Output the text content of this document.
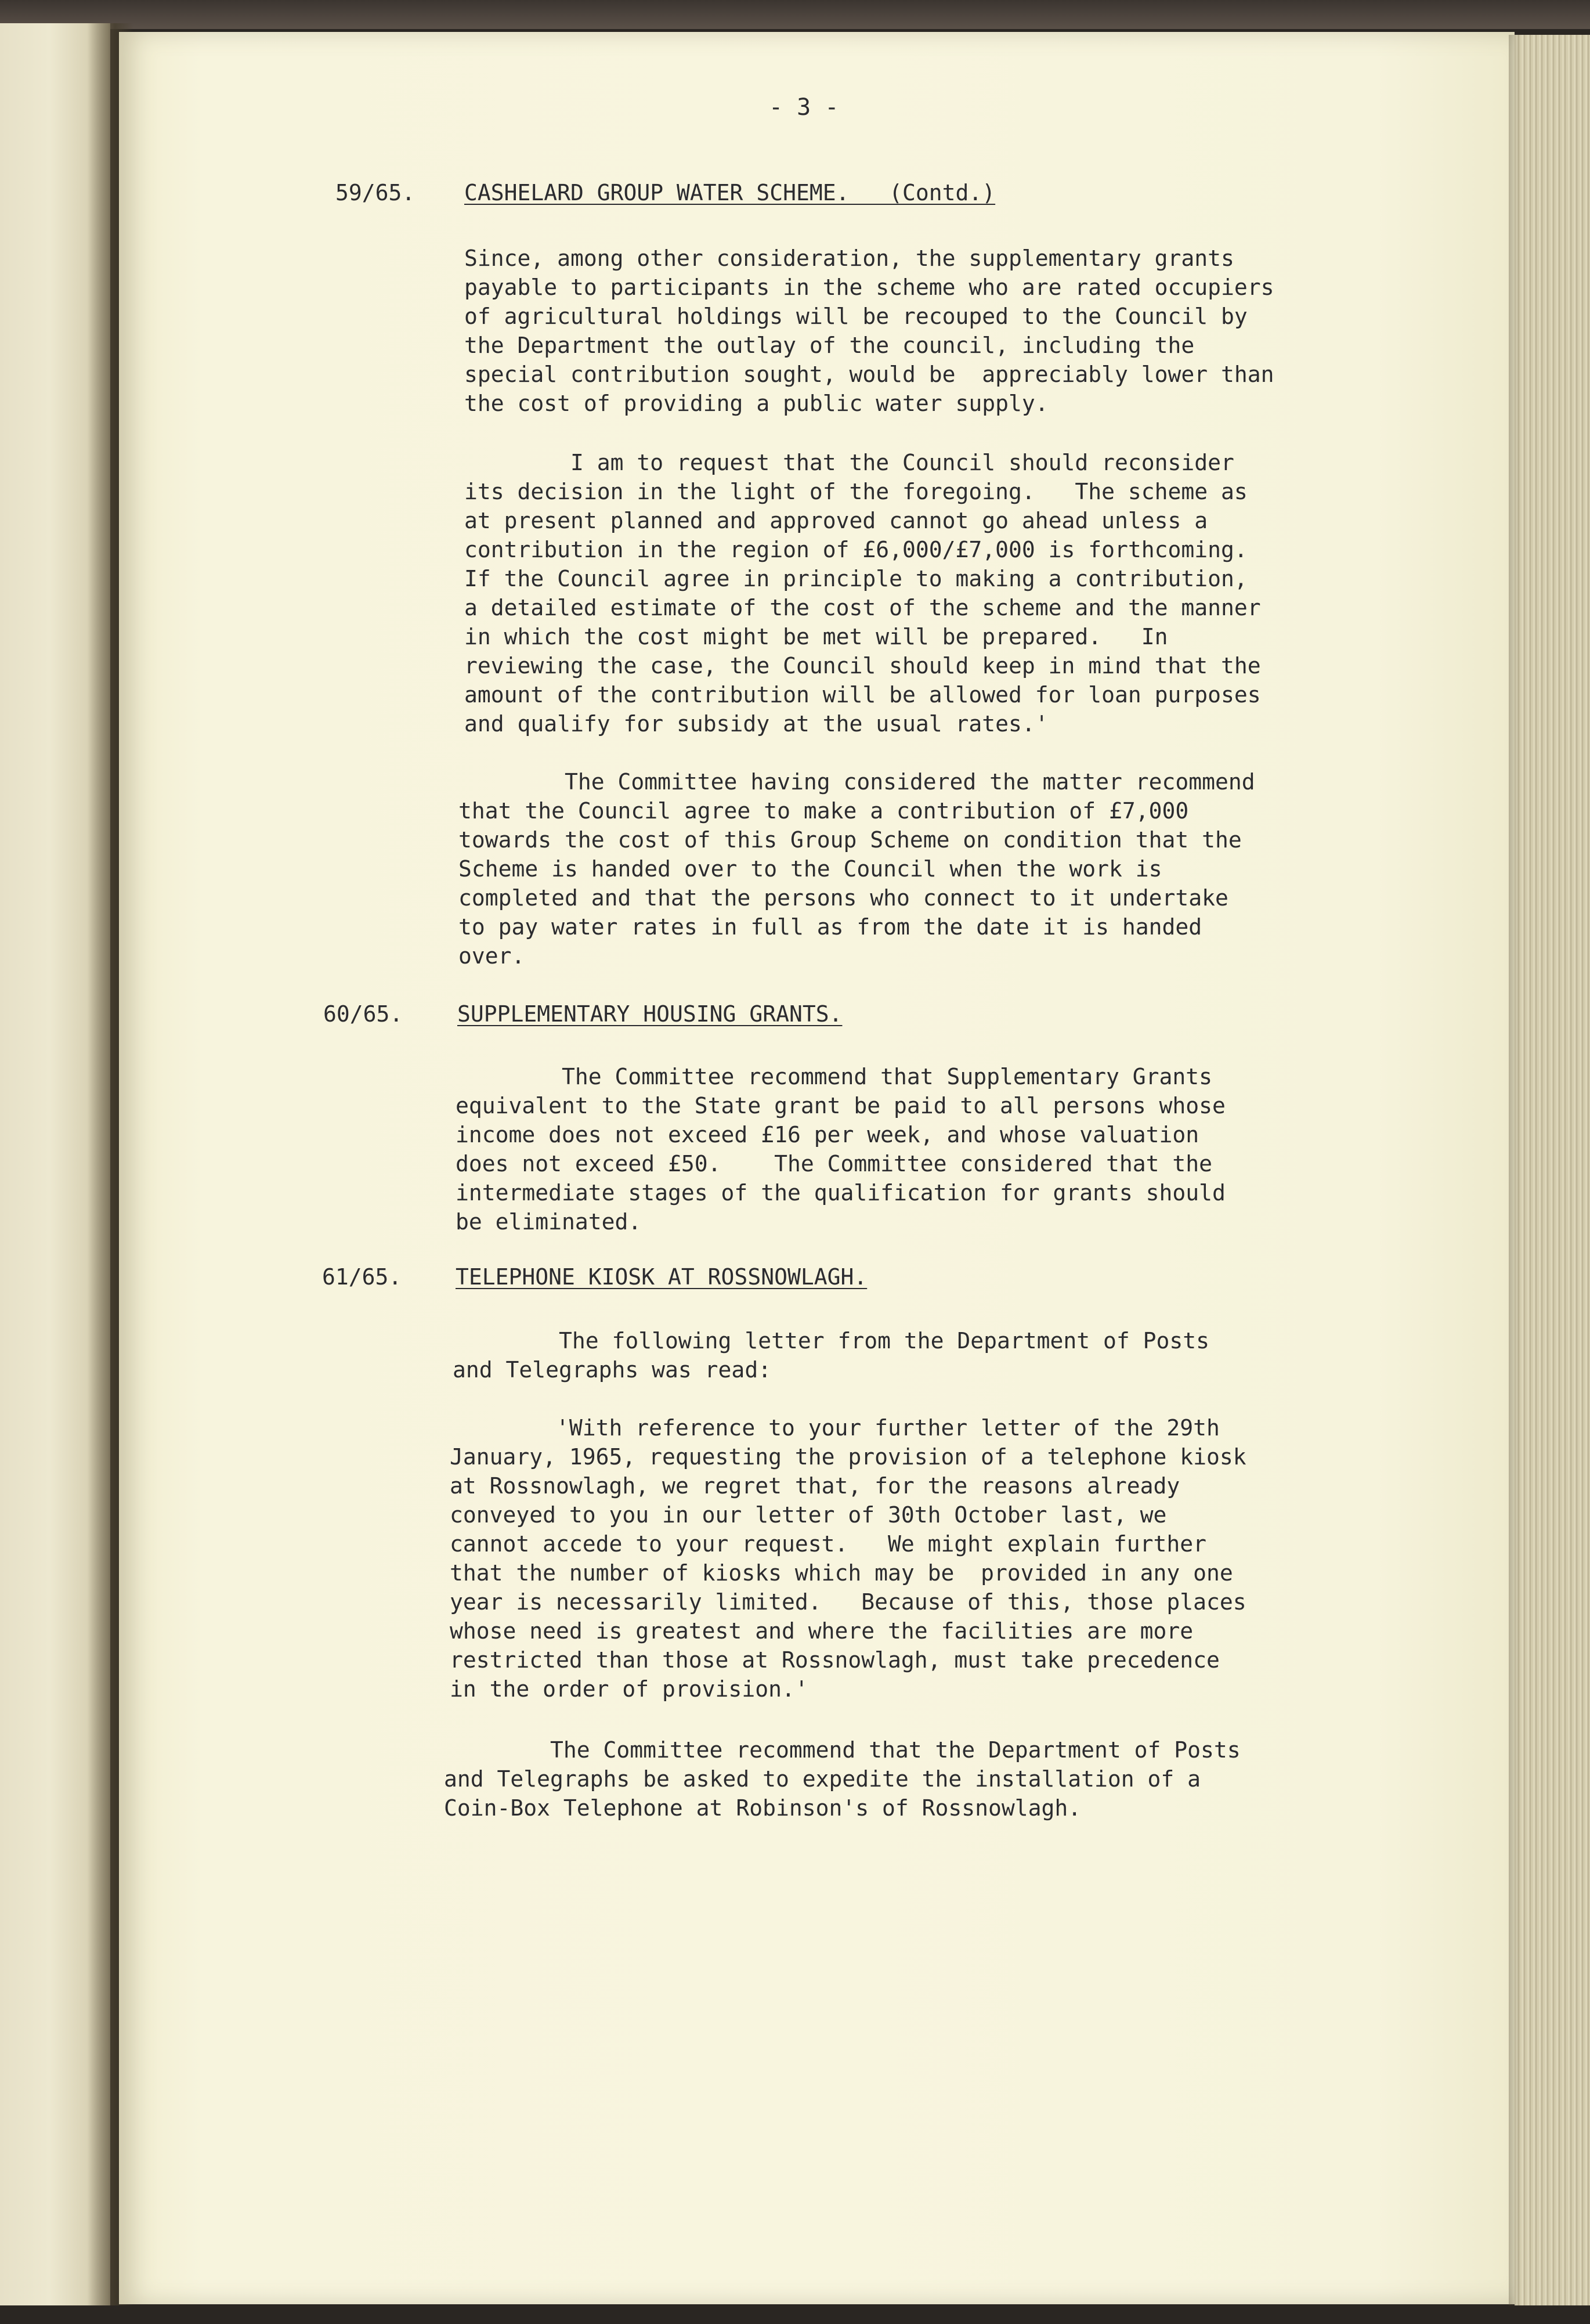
- 3 -
59/65. CASHELARD GROUP WATER SCHEME.   (Contd.)
Since, among other consideration, the supplementary grants
payable to participants in the scheme who are rated occupiers
of agricultural holdings will be recouped to the Council by
the Department the outlay of the council, including the
special contribution sought, would be  appreciably lower than
the cost of providing a public water supply.
I am to request that the Council should reconsider
its decision in the light of the foregoing.   The scheme as
at present planned and approved cannot go ahead unless a
contribution in the region of £6,000/£7,000 is forthcoming.
If the Council agree in principle to making a contribution,
a detailed estimate of the cost of the scheme and the manner
in which the cost might be met will be prepared.   In
reviewing the case, the Council should keep in mind that the
amount of the contribution will be allowed for loan purposes
and qualify for subsidy at the usual rates.'
The Committee having considered the matter recommend
that the Council agree to make a contribution of £7,000
towards the cost of this Group Scheme on condition that the
Scheme is handed over to the Council when the work is
completed and that the persons who connect to it undertake
to pay water rates in full as from the date it is handed
over.
60/65. SUPPLEMENTARY HOUSING GRANTS.
The Committee recommend that Supplementary Grants
equivalent to the State grant be paid to all persons whose
income does not exceed £16 per week, and whose valuation
does not exceed £50.    The Committee considered that the
intermediate stages of the qualification for grants should
be eliminated.
61/65. TELEPHONE KIOSK AT ROSSNOWLAGH.
The following letter from the Department of Posts
and Telegraphs was read:
'With reference to your further letter of the 29th
January, 1965, requesting the provision of a telephone kiosk
at Rossnowlagh, we regret that, for the reasons already
conveyed to you in our letter of 30th October last, we
cannot accede to your request.   We might explain further
that the number of kiosks which may be  provided in any one
year is necessarily limited.   Because of this, those places
whose need is greatest and where the facilities are more
restricted than those at Rossnowlagh, must take precedence
in the order of provision.'
The Committee recommend that the Department of Posts
and Telegraphs be asked to expedite the installation of a
Coin-Box Telephone at Robinson's of Rossnowlagh.
